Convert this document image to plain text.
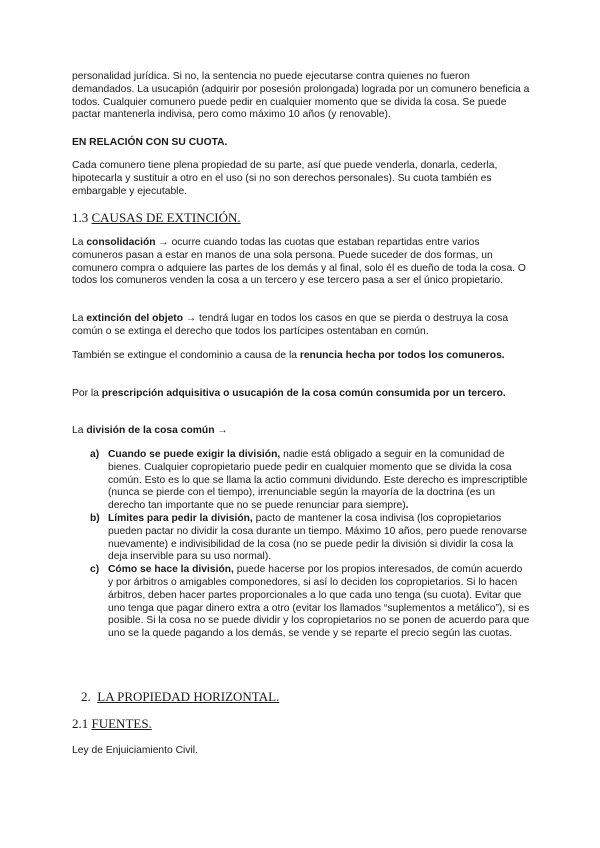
personalidad jurídica. Si no, la sentencia no puede ejecutarse contra quienes no fueron demandados. La usucapión (adquirir por posesión prolongada) lograda por un comunero beneficia a todos. Cualquier comunero puede pedir en cualquier momento que se divida la cosa. Se puede pactar mantenerla indivisa, pero como máximo 10 años (y renovable).

EN RELACIÓN CON SU CUOTA.

Cada comunero tiene plena propiedad de su parte, así que puede venderla, donarla, cederla, hipotecarla y sustituir a otro en el uso (si no son derechos personales). Su cuota también es embargable y ejecutable.

1.3 CAUSAS DE EXTINCIÓN.

La consolidación → ocurre cuando todas las cuotas que estaban repartidas entre varios comuneros pasan a estar en manos de una sola persona. Puede suceder de dos formas, un comunero compra o adquiere las partes de los demás y al final, solo él es dueño de toda la cosa. O todos los comuneros venden la cosa a un tercero y ese tercero pasa a ser el único propietario.

La extinción del objeto → tendrá lugar en todos los casos en que se pierda o destruya la cosa común o se extinga el derecho que todos los partícipes ostentaban en común.

También se extingue el condominio a causa de la renuncia hecha por todos los comuneros.

Por la prescripción adquisitiva o usucapión de la cosa común consumida por un tercero.

La división de la cosa común →

a) Cuando se puede exigir la división, nadie está obligado a seguir en la comunidad de bienes. Cualquier copropietario puede pedir en cualquier momento que se divida la cosa común. Esto es lo que se llama la actio communi dividundo. Este derecho es imprescriptible (nunca se pierde con el tiempo), irrenunciable según la mayoría de la doctrina (es un derecho tan importante que no se puede renunciar para siempre).
b) Límites para pedir la división, pacto de mantener la cosa indivisa (los copropietarios pueden pactar no dividir la cosa durante un tiempo. Máximo 10 años, pero puede renovarse nuevamente) e indivisibilidad de la cosa (no se puede pedir la división si dividir la cosa la deja inservible para su uso normal).
c) Cómo se hace la división, puede hacerse por los propios interesados, de común acuerdo y por árbitros o amigables componedores, si así lo deciden los copropietarios. Si lo hacen árbitros, deben hacer partes proporcionales a lo que cada uno tenga (su cuota). Evitar que uno tenga que pagar dinero extra a otro (evitar los llamados “suplementos a metálico”), si es posible. Si la cosa no se puede dividir y los copropietarios no se ponen de acuerdo para que uno se la quede pagando a los demás, se vende y se reparte el precio según las cuotas.

2. LA PROPIEDAD HORIZONTAL.

2.1 FUENTES.

Ley de Enjuiciamiento Civil.
